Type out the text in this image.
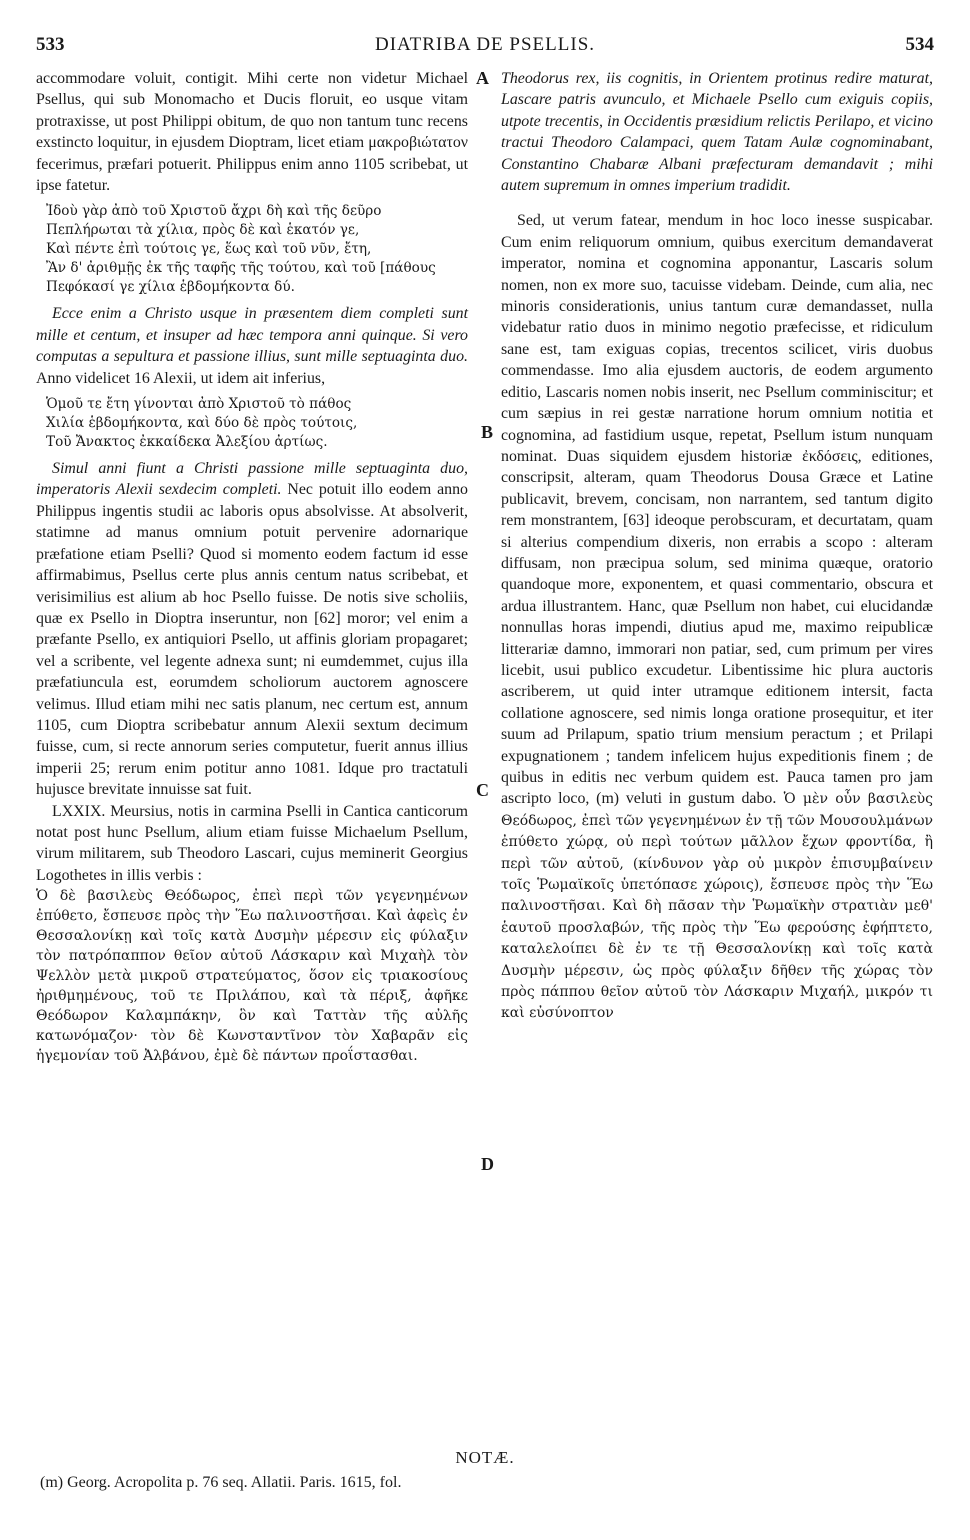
533	DIATRIBA DE PSELLIS.	534

accommodare voluit, contigit. Mihi certe non videtur Michael Psellus, qui sub Monomacho et Ducis floruit, eo usque vitam protraxisse, ut post Philippi obitum, de quo non tantum tunc recens exstincto loquitur, in ejusdem Dioptram, licet etiam μακροβιώτατον fecerimus, præfari potuerit. Philippus enim anno 1105 scribebat, ut ipse fatetur.

Ἰδοὺ γὰρ ἀπὸ τοῦ Χριστοῦ ἄχρι δὴ καὶ τῆς δεῦρο
Πεπλήρωται τὰ χίλια, πρὸς δὲ καὶ ἑκατόν γε,
Καὶ πέντε ἐπὶ τούτοις γε, ἕως καὶ τοῦ νῦν, ἔτη,
Ἂν δ' ἀριθμῇς ἐκ τῆς ταφῆς τῆς τούτου, καὶ τοῦ [πάθους
Πεφόκασί γε χίλια ἑβδομήκοντα δύ.

Ecce enim a Christo usque in præsentem diem completi sunt mille et centum, et insuper ad hæc tempora anni quinque. Si vero computas a sepultura et passione illius, sunt mille septuaginta duo. Anno videlicet 16 Alexii, ut idem ait inferius,

Ὁμοῦ τε ἔτη γίνονται ἀπὸ Χριστοῦ τὸ πάθος
Χιλία ἑβδομήκοντα, καὶ δύο δὲ πρὸς τούτοις,
Τοῦ Ἄνακτος ἐκκαίδεκα Ἀλεξίου ἀρτίως.

Simul anni fiunt a Christi passione mille septuaginta duo, imperatoris Alexii sexdecim completi. Nec potuit illo eodem anno Philippus ingentis studii ac laboris opus absolvisse. At absolverit, statimne ad manus omnium potuit pervenire adornarique præfatione etiam Pselli? Quod si momento eodem factum id esse affirmabimus, Psellus certe plus annis centum natus scribebat, et verisimilius est alium ab hoc Psello fuisse. De notis sive scholiis, quæ ex Psello in Dioptra inseruntur, non [62] moror; vel enim a præfante Psello, ex antiquiori Psello, ut affinis gloriam propagaret; vel a scribente, vel legente adnexa sunt; ni eumdemmet, cujus illa præfatiuncula est, eorumdem scholiorum auctorem agnoscere velimus. Illud etiam mihi nec satis planum, nec certum est, annum 1105, cum Dioptra scribebatur annum Alexii sextum decimum fuisse, cum, si recte annorum series computetur, fuerit annus illius imperii 25; rerum enim potitur anno 1081. Idque pro tractatuli hujusce brevitate innuisse sat fuit.

LXXIX. Meursius, notis in carmina Pselli in Cantica canticorum notat post hunc Psellum, alium etiam fuisse Michaelum Psellum, virum militarem, sub Theodoro Lascari, cujus meminerit Georgius Logothetes in illis verbis :

Ὁ δὲ βασιλεὺς Θεόδωρος, ἐπεὶ περὶ τῶν γεγενημένων ἐπύθετο, ἔσπευσε πρὸς τὴν Ἕω παλινοστῆσαι. Καὶ ἀφεὶς ἐν Θεσσαλονίκῃ καὶ τοῖς κατὰ Δυσμὴν μέρεσιν εἰς φύλαξιν τὸν πατρόπαππον θεῖον αὐτοῦ Λάσκαριν καὶ Μιχαὴλ τὸν Ψελλὸν μετὰ μικροῦ στρατεύματος, ὅσον εἰς τριακοσίους ἠριθμημένους, τοῦ τε Πριλάπου, καὶ τὰ πέριξ, ἀφῆκε Θεόδωρον Καλαμπάκην, ὃν καὶ Ταττὰν τῆς αὐλῆς κατωνόμαζον· τὸν δὲ Κωνσταντῖνον τὸν Χαβαρᾶν εἰς ἡγεμονίαν τοῦ Ἀλβάνου, ἐμὲ δὲ πάντων προΐστασθαι.

Theodorus rex, iis cognitis, in Orientem protinus redire maturat, Lascare patris avunculo, et Michaele Psello cum exiguis copiis, utpote trecentis, in Occidentis præsidium relictis Perilapo, et vicino tractui Theodoro Calampaci, quem Tatam Aulæ cognominabant, Constantino Chabaræ Albani præfecturam demandavit ; mihi autem supremum in omnes imperium tradidit.

Sed, ut verum fatear, mendum in hoc loco inesse suspicabar. Cum enim reliquorum omnium, quibus exercitum demandaverat imperator, nomina et cognomina apponantur, Lascaris solum nomen, non ex more suo, tacuisse videbam. Deinde, cum alia, nec minoris considerationis, unius tantum curæ demandasset, nulla videbatur ratio duos in minimo negotio præfecisse, et ridiculum sane est, tam exiguas copias, trecentos scilicet, viris duobus commendasse. Imo alia ejusdem auctoris, de eodem argumento editio, Lascaris nomen nobis inserit, nec Psellum comminiscitur; et cum sæpius in rei gestæ narratione horum omnium notitia et cognomina, ad fastidium usque, repetat, Psellum istum nunquam nominat. Duas siquidem ejusdem historiæ ἐκδόσεις, editiones, conscripsit, alteram, quam Theodorus Dousa Græce et Latine publicavit, brevem, concisam, non narrantem, sed tantum digito rem monstrantem, [63] ideoque perobscuram, et decurtatam, quam si alterius compendium dixeris, non errabis a scopo : alteram diffusam, non præcipua solum, sed minima quæque, oratorio quandoque more, exponentem, et quasi commentario, obscura et ardua illustrantem. Hanc, quæ Psellum non habet, cui elucidandæ nonnullas horas impendi, diutius apud me, maximo reipublicæ litterariæ damno, immorari non patiar, sed, cum primum per vires licebit, usui publico excudetur. Libentissime hic plura auctoris ascriberem, ut quid inter utramque editionem intersit, facta collatione agnoscere, sed nimis longa oratione prosequitur, et iter suum ad Prilapum, spatio trium mensium peractum ; et Prilapi expugnationem ; tandem infelicem hujus expeditionis finem ; de quibus in editis nec verbum quidem est. Pauca tamen pro jam ascripto loco, (m) veluti in gustum dabo. Ὁ μὲν οὖν βασιλεὺς Θεόδωρος, ἐπεὶ τῶν γεγενημένων ἐν τῇ τῶν Μουσουλμάνων ἐπύθετο χώρᾳ, οὐ περὶ τούτων μᾶλλον ἔχων φροντίδα, ἢ περὶ τῶν αὐτοῦ, (κίνδυνον γὰρ οὐ μικρὸν ἐπισυμβαίνειν τοῖς Ῥωμαϊκοῖς ὑπετόπασε χώροις), ἔσπευσε πρὸς τὴν Ἕω παλινοστῆσαι. Καὶ δὴ πᾶσαν τὴν Ῥωμαϊκὴν στρατιὰν μεθ' ἑαυτοῦ προσλαβών, τῆς πρὸς τὴν Ἕω φερούσης ἐφήπτετο, καταλελοίπει δὲ ἐν τε τῇ Θεσσαλονίκῃ καὶ τοῖς κατὰ Δυσμὴν μέρεσιν, ὡς πρὸς φύλαξιν δῆθεν τῆς χώρας τὸν πρὸς πάππου θεῖον αὐτοῦ τὸν Λάσκαριν Μιχαήλ, μικρόν τι καὶ εὐσύνοπτον

A
B
C
D
NOTÆ.
(m) Georg. Acropolita p. 76 seq. Allatii. Paris. 1615, fol.
